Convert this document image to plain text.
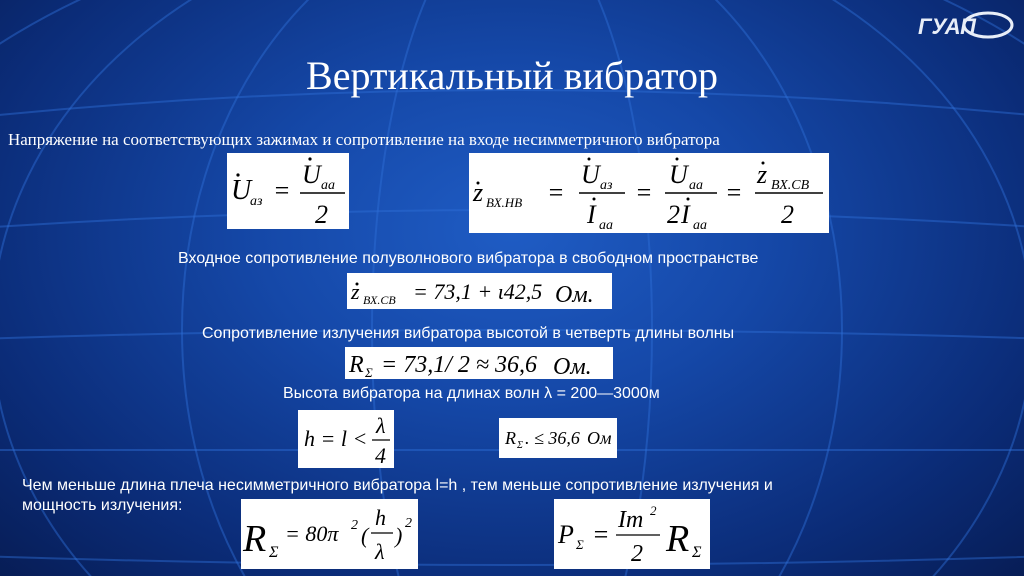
ГУАП
Вертикальный вибратор
Напряжение на соответствующих зажимах и сопротивление на входе несимметричного вибратора
U
аз =
U аа
2
z ВХ.НВ =
U аз
I аа
=
U аа
2 I аа
=
z ВХ.СВ
2
Входное сопротивление полуволнового вибратора в свободном пространстве
z ВХ.СВ = 73,1 + ι42,5 Ом.
Сопротивление излучения вибратора высотой в четверть длины волны
R Σ = 73,1/ 2 ≈ 36,6 Ом.
Высота вибратора на длинах волн λ = 200—3000м
h = l <
λ
4
R Σ . ≤ 36,6 Ом
Чем меньше длина плеча несимметричного вибратора l=h , тем меньше сопротивление излучения и
мощность излучения:
R Σ
= 80π 2 (
h
λ
) 2	P Σ = Im 2
2 R Σ
